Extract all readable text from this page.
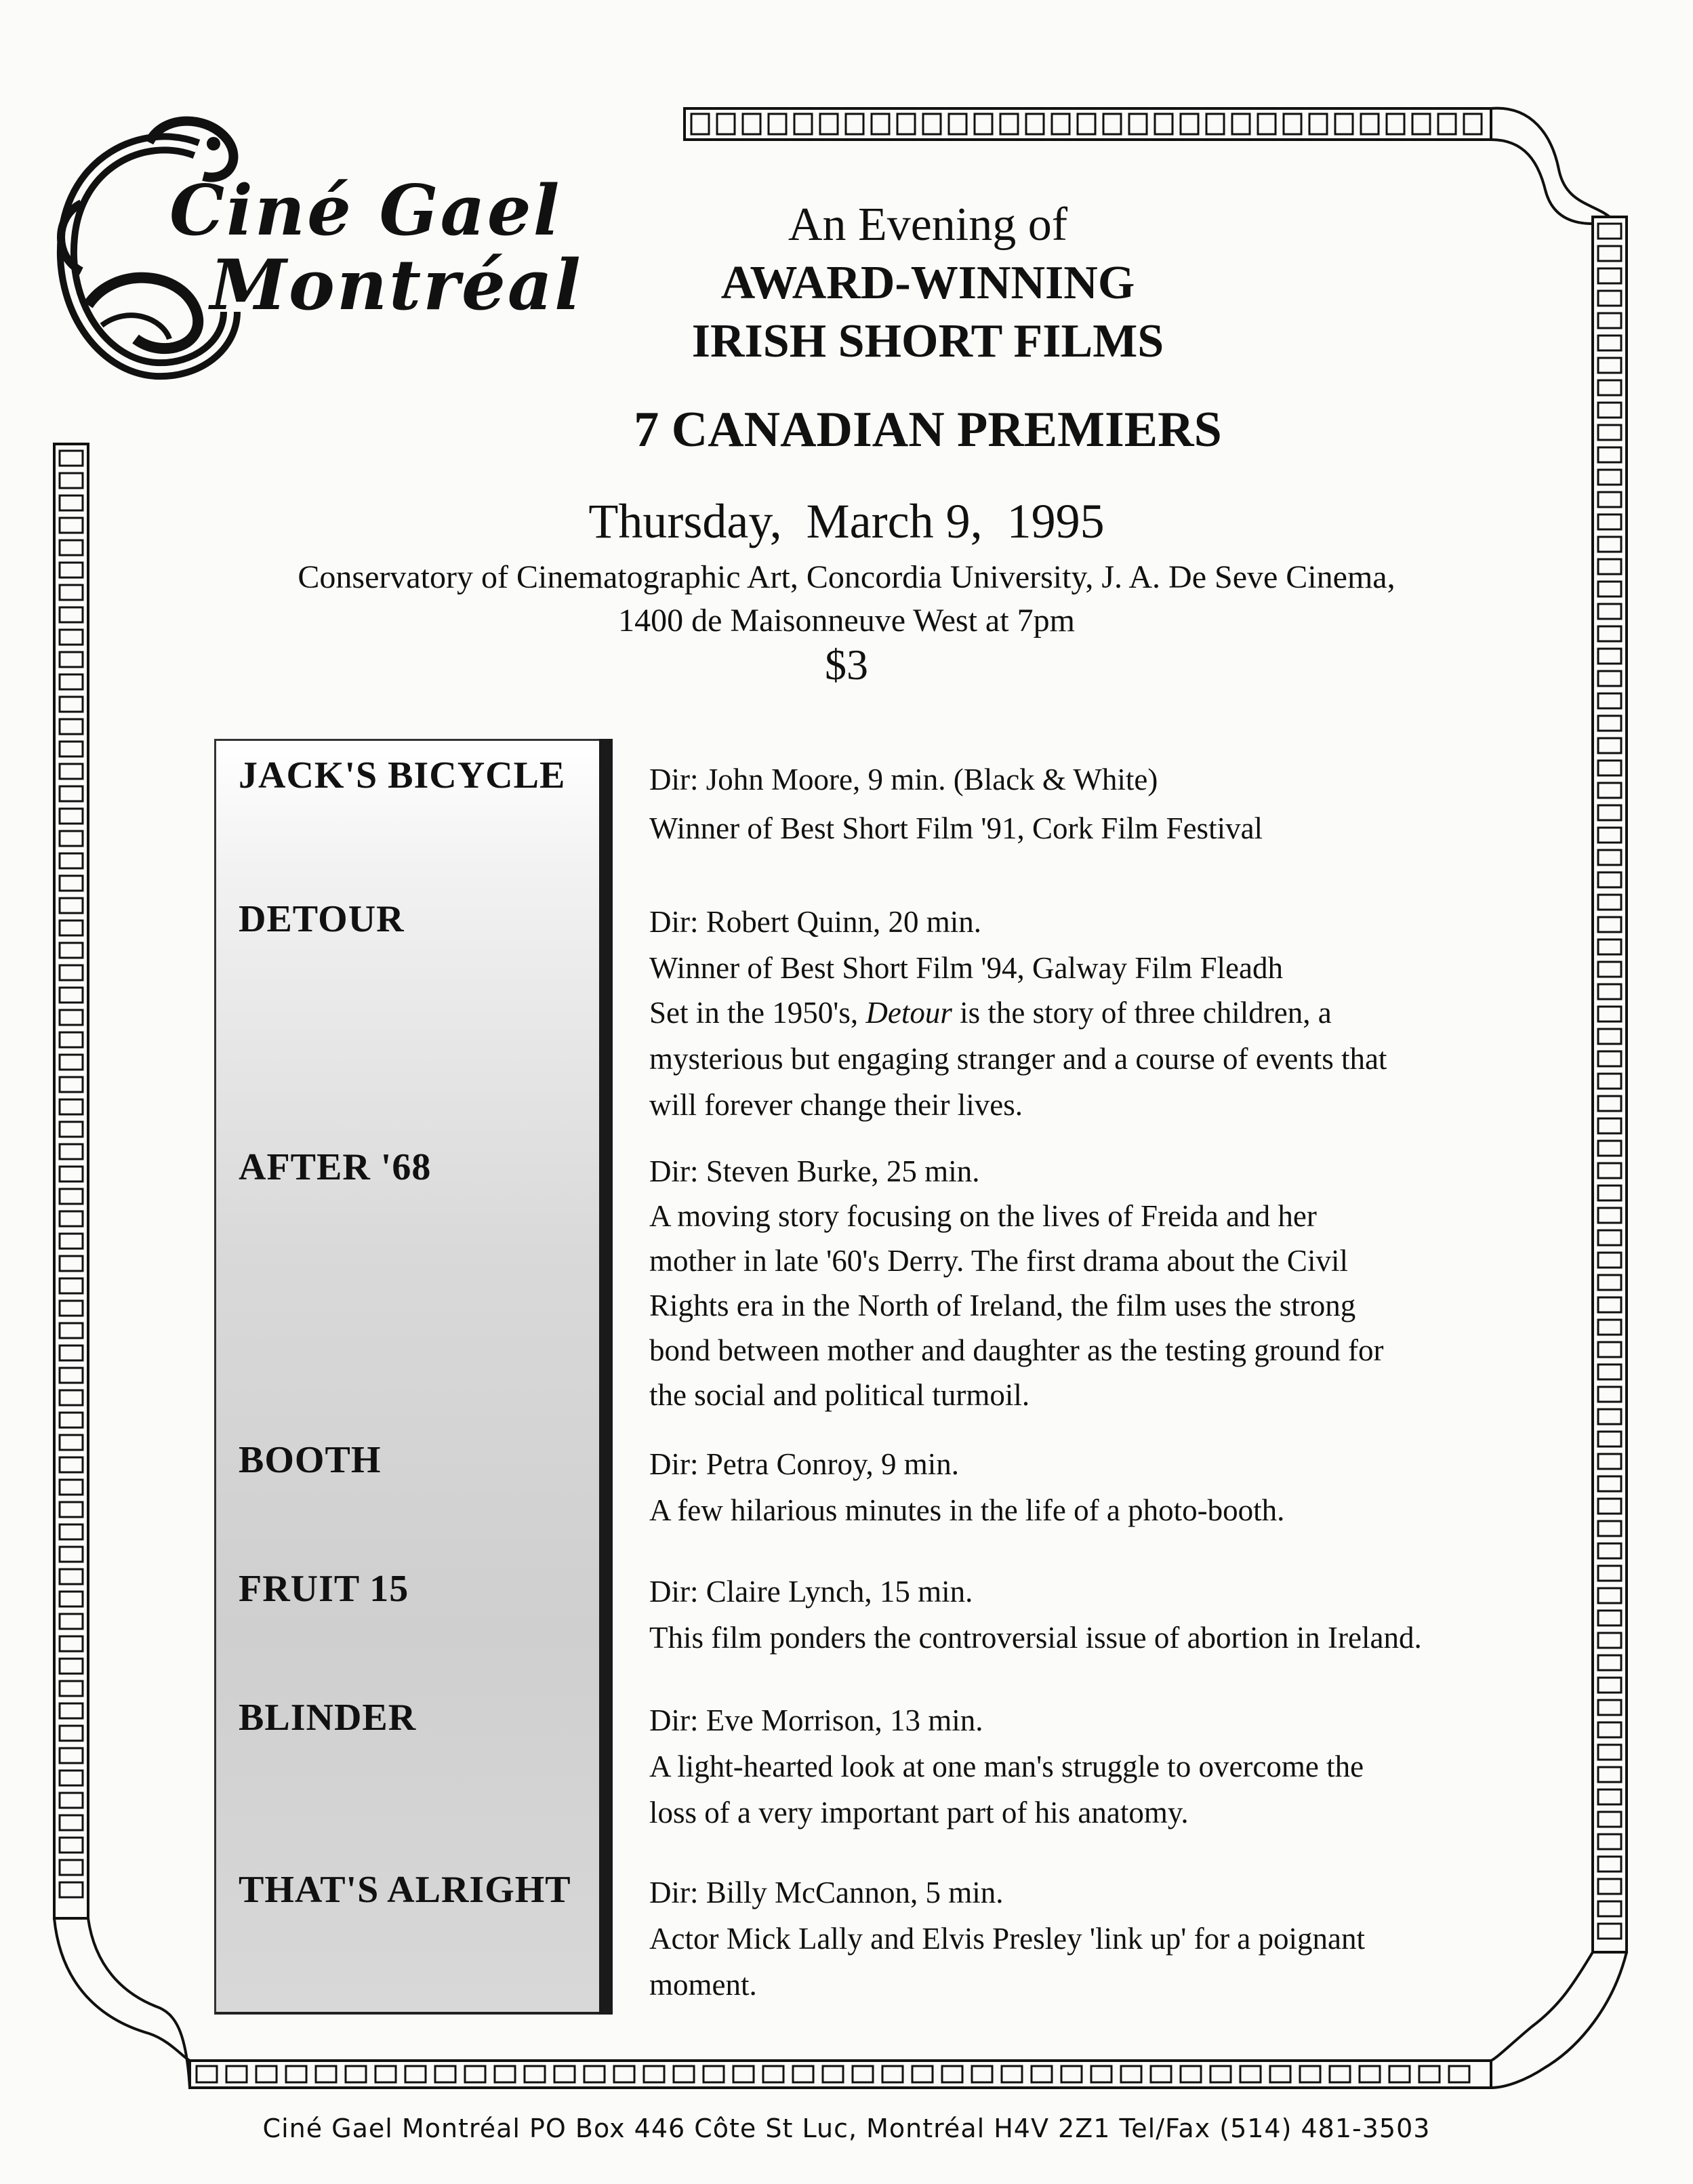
Ciné Gael
Montréal
An Evening of
AWARD-WINNING
IRISH SHORT FILMS
7 CANADIAN PREMIERS
Thursday,  March 9,  1995
Conservatory of Cinematographic Art, Concordia University, J. A. De Seve Cinema,
1400 de Maisonneuve West at 7pm
$3
JACK'S BICYCLE	Dir: John Moore, 9 min. (Black & White)
Winner of Best Short Film '91, Cork Film Festival
DETOUR	Dir: Robert Quinn, 20 min.
Winner of Best Short Film '94, Galway Film Fleadh
Set in the 1950's, Detour is the story of three children, a
mysterious but engaging stranger and a course of events that
will forever change their lives.
AFTER '68	Dir: Steven Burke, 25 min.
A moving story focusing on the lives of Freida and her
mother in late '60's Derry. The first drama about the Civil
Rights era in the North of Ireland, the film uses the strong
bond between mother and daughter as the testing ground for
the social and political turmoil.
BOOTH	Dir: Petra Conroy, 9 min.
A few hilarious minutes in the life of a photo-booth.
FRUIT 15	Dir: Claire Lynch, 15 min.
This film ponders the controversial issue of abortion in Ireland.
BLINDER	Dir: Eve Morrison, 13 min.
A light-hearted look at one man's struggle to overcome the
loss of a very important part of his anatomy.
THAT'S ALRIGHT	Dir: Billy McCannon, 5 min.
Actor Mick Lally and Elvis Presley 'link up' for a poignant
moment.
Ciné Gael Montréal PO Box 446 Côte St Luc, Montréal H4V 2Z1 Tel/Fax (514) 481-3503
